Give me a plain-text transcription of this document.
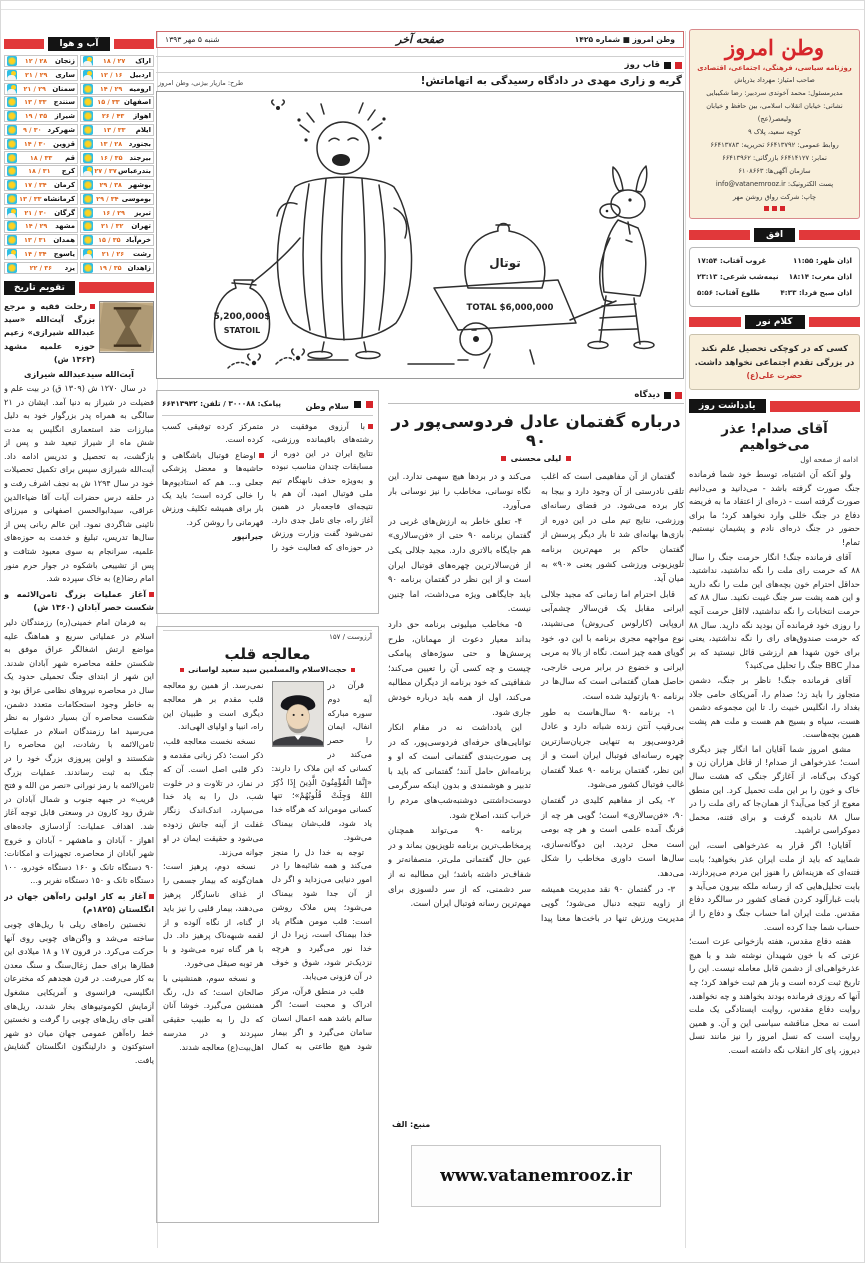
وطن امروز
روزنامه سیاسی، فرهنگی، اجتماعی، اقتصادی

صاحب امتیاز: مهرداد بذرپاش

مدیرمسئول: محمد آخوندی سردبیر: رضا شکیبایی

نشانی: خیابان انقلاب اسلامی، بین حافظ و خیابان ولیعصر(عج)

کوچه سعید، پلاک ۹

روابط عمومی: ۶۶۴۱۳۷۹۲ تحریریه: ۶۶۴۱۳۷۸۳

نمابر: ۶۶۴۱۴۱۲۷ بازرگانی: ۶۶۴۱۳۹۶۲

سازمان آگهی‌ها: ۶۱۰۸۶۶۳

پست الکترونیک: info@vatanemrooz.ir

چاپ: شرکت رواق روشن مهر

افق
اذان ظهر: ۱۱:۵۵
غروب آفتاب: ۱۷:۵۴
اذان مغرب: ۱۸:۱۴
نیمه‌شب شرعی: ۲۳:۱۳
اذان صبح فردا: ۴:۳۳
طلوع آفتاب: ۵:۵۶
کلام نور

کسی که در کوچکی تحصیل علم نکند

در بزرگی تقدم اجتماعی نخواهد داشت.

حضرت علی(ع)

یادداشت روز
آقای صدام! عذر می‌خواهیم
ادامه از صفحه اول

ولو آنکه آن اشتباه، توسط خود شما فرمانده جنگ صورت گرفته باشد - می‌دانید و می‌دانیم صورت گرفته است - ذره‌ای از اعتقاد ما به فریضه دفاع در جنگ خللی وارد نخواهد کرد؛ ما برای حضور در جنگ ذره‌ای نادم و پشیمان نیستیم. تمام!

آقای فرمانده جنگ! انگار حرمت جنگ را سال ۸۸ که حرمت رای ملت را نگه نداشتید، نداشتید. حداقل احترام خون بچه‌های این ملت را نگه دارید و این همه پشت سر جنگ غیبت نکنید. سال ۸۸ که حرمت انتخابات را نگه نداشتید، لااقل حرمت آنچه را روزی خود فرمانده آن بودید نگه دارید. سال ۸۸ که حرمت صندوق‌های رای را نگه نداشتید، یعنی برای خون شهدا هم ارزشی قائل نیستید که بر مدار BBC جنگ را تحلیل می‌کنید؟

آقای فرمانده جنگ! ناظر بر جنگ، دشمن متجاوز را باید زد؛ صدام را، آمریکای حامی جلاد بغداد را، انگلیس خبیث را. تا این مجموعه دشمن هست، سپاه و بسیج هم هست و ملت هم پشت همین بچه‌هاست.

مشق امروز شما آقایان اما انگار چیز دیگری است؛ عذرخواهی از صدام! از قاتل هزاران زن و کودک بی‌گناه، از آغازگر جنگی که هشت سال خاک و خون را بر این ملت تحمیل کرد. این منطق معوج از کجا می‌آید؟ از همان‌جا که رای ملت را در سال ۸۸ نادیده گرفت و برای فتنه، محمل دموکراسی تراشید.

آقایان! اگر قرار به عذرخواهی است، این شمایید که باید از ملت ایران عذر بخواهید؛ بابت فتنه‌ای که هزینه‌اش را هنوز این مردم می‌پردازند، بابت تحلیل‌هایی که از رسانه ملکه بیرون می‌آید و بابت غبارآلود کردن فضای کشور در سالگرد دفاع مقدس. ملت ایران اما حساب جنگ و دفاع را از حساب شما جدا کرده است.

هفته دفاع مقدس، هفته بازخوانی عزت است؛ عزتی که با خون شهیدان نوشته شد و با هیچ عذرخواهی‌ای از دشمن قابل معامله نیست. این را تاریخ ثبت کرده است و باز هم ثبت خواهد کرد؛ چه آنها که روزی فرمانده بودند بخواهند و چه نخواهند، روایت دفاع مقدس، روایت ایستادگی یک ملت است نه محل مناقشه سیاسی این و آن. و همین روایت است که نسل امروز را نیز مانند نسل دیروز، پای کار انقلاب نگه داشته است.

وطن امروز ■ شماره ۱۴۲۵
صفحه آخر
شنبه ۵ مهر ۱۳۹۳
قاب روز
گریه و زاری مهدی در دادگاه رسیدگی به اتهاماتش!
طرح: مازیار بیژنی، وطن امروز
5,200,000$
STATOIL
توتال
TOTAL $6,000,000
دیدگاه
درباره گفتمان عادل فردوسی‌پور در ۹۰
لیلی محسنی

گفتمان از آن مفاهیمی است که اغلب تلقی نادرستی از آن وجود دارد و بیجا به کار برده می‌شود. در فضای رسانه‌ای ورزشی، نتایج تیم ملی در این دوره از بازی‌ها بهانه‌ای شد تا بار دیگر پرسش از گفتمان حاکم بر مهم‌ترین برنامه تلویزیونی ورزشی کشور یعنی «۹۰» به میان آید.

قابل احترام اما زمانی که مجید جلالی ایرانی مقابل یک فن‌سالار چشم‌آبی اروپایی (کارلوس کی‌روش) می‌نشیند، نوع مواجهه مجری برنامه با این دو، خود گویای همه چیز است. نگاه از بالا به مربی ایرانی و خضوع در برابر مربی خارجی، حاصل همان گفتمانی است که سال‌ها در برنامه ۹۰ بازتولید شده است.

۱- برنامه ۹۰ سال‌هاست به طور بی‌رقیب آنتن زنده شبانه دارد و عادل فردوسی‌پور به تنهایی جریان‌ساز‌ترین چهره رسانه‌ای فوتبال ایران است و از این نظر، گفتمان برنامه ۹۰ عملا گفتمان غالب فوتبال کشور می‌شود.

۲- یکی از مفاهیم کلیدی در گفتمان ۹۰، «فن‌سالاری» است؛ گویی هر چه از فرنگ آمده علمی است و هر چه بومی است محل تردید. این دوگانه‌سازی، سال‌ها است داوری مخاطب را شکل می‌دهد.

۳- در گفتمان ۹۰ نقد مدیریت همیشه از زاویه نتیجه دنبال می‌شود؛ گویی مدیریت ورزش تنها در باخت‌ها معنا پیدا می‌کند و در بردها هیچ سهمی ندارد. این نگاه نوسانی، مخاطب را نیز نوسانی بار می‌آورد.

۴- تعلق خاطر به ارزش‌های غربی در گفتمان برنامه ۹۰ حتی از «فن‌سالاری» هم جایگاه بالاتری دارد. مجید جلالی یکی از فن‌سالارترین چهره‌های فوتبال ایران است و از این نظر در گفتمان برنامه ۹۰ باید جایگاهی ویژه می‌داشت، اما چنین نیست.

۵- مخاطب میلیونی برنامه حق دارد بداند معیار دعوت از مهمانان، طرح پرسش‌ها و حتی سوژه‌های پیامکی چیست و چه کسی آن را تعیین می‌کند؛ شفافیتی که خود برنامه از دیگران مطالبه می‌کند، اول از همه باید درباره خودش جاری شود.

این یادداشت نه در مقام انکار توانایی‌های حرفه‌ای فردوسی‌پور، که در پی صورت‌بندی گفتمانی است که او و برنامه‌اش حامل آنند؛ گفتمانی که باید با تدبیر و هوشمندی و بدون اینکه سرگرمی دوست‌داشتنی دوشنبه‌شب‌های مردم را خراب کنند، اصلاح شود.

برنامه ۹۰ می‌تواند همچنان پرمخاطب‌ترین برنامه تلویزیون بماند و در عین حال گفتمانی ملی‌تر، منصفانه‌تر و شفاف‌تر داشته باشد؛ این مطالبه نه از سر دشمنی، که از سر دلسوزی برای مهم‌ترین رسانه فوتبال ایران است.

منبع: الف
www.vatanemrooz.ir
سلام وطن
پیامک: ۳۰۰۰۸۸ / تلفن: ۶۶۴۱۳۹۴۲

با آرزوی موفقیت در رشته‌های باقیمانده ورزشی، نتایج ایران در این دوره از مسابقات چندان مناسب نبوده و به‌ویژه حذف نابهنگام تیم ملی فوتبال امید، آن هم با نتیجه‌ای فاجعه‌بار در همین آغاز راه، جای تامل جدی دارد. نمی‌شود گفت وزارت ورزش در حوزه‌ای که فعالیت خود را متمرکز کرده توفیقی کسب کرده است.

اوضاع فوتبال باشگاهی و حاشیه‌ها و معضل پزشکی جعلی و... هم که استادیوم‌ها را خالی کرده است؛ باید یک بار برای همیشه تکلیف ورزش قهرمانی را روشن کرد.
جیرانپور

آرزوست / ۱۵۷
معالجه قلب
حجت‌الاسلام والمسلمین سید سعید لواسانی

قرآن در آیه دوم سوره مبارکه انفال، ایمان را حصر می‌کند در کسانی که این ملاک را دارند: «إِنَّمَا الْمُؤْمِنُونَ الَّذِينَ إِذَا ذُكِرَ اللهُ وَجِلَتْ قُلُوبُهُمْ»؛ تنها کسانی مومن‌اند که هرگاه خدا یاد شود، قلب‌شان بیمناک می‌شود.

توجه به خدا دل را منجز می‌کند و همه شائبه‌ها را در امور دنیایی می‌زداید و اگر دل از آن جدا شود بیمناک می‌شود؛ پس ملاک روشن است: قلب مومن هنگام یاد خدا بیمناک است، زیرا دل از خدا نور می‌گیرد و هرچه نزدیک‌تر شود، شوق و خوف در آن فزونی می‌یابد.

قلب در منطق قرآن، مرکز ادراک و محبت است؛ اگر سالم باشد همه اعمال انسان سامان می‌گیرد و اگر بیمار شود هیچ طاعتی به کمال نمی‌رسد. از همین رو معالجه قلب مقدم بر هر معالجه دیگری است و طبیبان این راه، انبیا و اولیای الهی‌اند.

نسخه نخست معالجه قلب، ذکر است؛ ذکر زبانی مقدمه و ذکر قلبی اصل است. آن که در نماز، در تلاوت و در خلوت شب، دل را به یاد خدا می‌سپارد، اندک‌اندک زنگار غفلت از آینه جانش زدوده می‌شود و حقیقت ایمان در او جوانه می‌زند.

نسخه دوم، پرهیز است؛ همان‌گونه که بیمار جسمی را از غذای ناسازگار پرهیز می‌دهند، بیمار قلبی را نیز باید از گناه، از نگاه آلوده و از لقمه شبهه‌ناک پرهیز داد. دل با هر گناه تیره می‌شود و با هر توبه صیقل می‌خورد.

و نسخه سوم، همنشینی با صالحان است؛ که دل، رنگ همنشین می‌گیرد. خوشا آنان که دل را به طبیب حقیقی سپردند و در مدرسه اهل‌بیت(ع) معالجه شدند.

آب و هوا
اراک
۲۷ / ۱۸
زنجان
۲۸ / ۱۲
اردبیل
۱۶ / ۱۲
ساری
۲۹ / ۲۱
ارومیه
۲۹ / ۱۴
سمنان
۲۹ / ۲۱
اصفهان
۳۳ / ۱۵
سنندج
۳۳ / ۱۳
اهواز
۴۳ / ۲۶
شیراز
۳۵ / ۱۹
ایلام
۳۳ / ۱۳
شهرکرد
۳۰ / ۹
بجنورد
۲۸ / ۱۳
قزوین
۳۰ / ۱۴
بیرجند
۳۵ / ۱۶
قم
۳۳ / ۱۸
بندرعباس
۳۷ / ۲۷
کرج
۳۱ / ۱۸
بوشهر
۳۸ / ۲۹
کرمان
۳۴ / ۱۷
بوموسی
۳۴ / ۲۹
کرمانشاه
۳۳ / ۱۳
تبریز
۲۹ / ۱۶
گرگان
۳۰ / ۲۱
تهران
۳۲ / ۲۱
مشهد
۲۹ / ۱۴
خرم‌آباد
۳۵ / ۱۵
همدان
۳۱ / ۱۳
رشت
۲۶ / ۲۱
یاسوج
۳۴ / ۱۴
زاهدان
۳۵ / ۱۹
یزد
۳۶ / ۲۲
تقویم تاریخ

رحلت فقیه و مرجع بزرگ آیت‌الله «سید عبدالله شیرازی» زعیم حوزه علمیه مشهد (۱۳۶۳ ش)

آیت‌الله سیدعبدالله شیرازی

در سال ۱۲۷۰ ش (۱۳۰۹ ق) در بیت علم و فضیلت در شیراز به دنیا آمد. ایشان در ۲۱ سالگی به همراه پدر بزرگوار خود به دلیل مبارزات ضد استعماری انگلیس به مدت شش ماه از شیراز تبعید شد و پس از بازگشت، به تحصیل و تدریس ادامه داد. آیت‌الله شیرازی سپس برای تکمیل تحصیلات خود در سال ۱۲۹۴ ش به نجف اشرف رفت و در حلقه درس حضرات آیات آقا ضیاءالدین عراقی، سیدابوالحسن اصفهانی و میرزای نائینی شاگردی نمود. این عالم ربانی پس از سال‌ها تدریس، تبلیغ و خدمت به حوزه‌های علمیه، سرانجام به سوی معبود شتافت و پس از تشییعی باشکوه در جوار حرم منور امام رضا(ع) به خاک سپرده شد.

آغاز عملیات بزرگ ثامن‌الائمه و شکست حصر آبادان (۱۳۶۰ ش)

به فرمان امام خمینی(ره) رزمندگان دلیر اسلام در عملیاتی سریع و هماهنگ علیه مواضع ارتش اشغالگر عراق موفق به شکستن حلقه محاصره شهر آبادان شدند. این شهر از ابتدای جنگ تحمیلی حدود یک سال در محاصره نیروهای نظامی عراق بود و به خاطر وجود استحکامات متعدد دشمن، شکست محاصره آن بسیار دشوار به نظر می‌رسید اما رزمندگان اسلام در عملیات ثامن‌الائمه با رشادت، این محاصره را شکستند و اولین پیروزی بزرگ خود را در جنگ به ثبت رساندند. عملیات بزرگ ثامن‌الائمه با رمز نورانی «نصر من الله و فتح قریب» در جبهه جنوب و شمال آبادان در شرق رود کارون در وسعتی قابل توجه آغاز شد. اهداف عملیات: آزادسازی جاده‌های اهواز - آبادان و ماهشهر - آبادان و خروج شهر آبادان از محاصره. تجهیزات و امکانات: ۹۰ دستگاه تانک و ۱۶۰ دستگاه خودرو، ۱۰۰ دستگاه تانک و ۱۵۰ دستگاه نفربر و...

آغاز به کار اولین راه‌آهن جهان در انگلستان (۱۸۲۵م)

نخستین راه‌های ریلی با ریل‌های چوبی ساخته می‌شد و واگن‌های چوبی روی آنها حرکت می‌کرد. در قرون ۱۷ و ۱۸ میلادی این قطارها برای حمل زغال‌سنگ و سنگ معدن به کار می‌رفت. در قرن هجدهم که مخترعان انگلیسی، فرانسوی و آمریکایی مشغول آزمایش لکوموتیوهای بخار شدند، ریل‌های آهنی جای ریل‌های چوبی را گرفت و نخستین خط راه‌آهن عمومی جهان میان دو شهر استوکتون و دارلینگتون انگلستان گشایش یافت.
